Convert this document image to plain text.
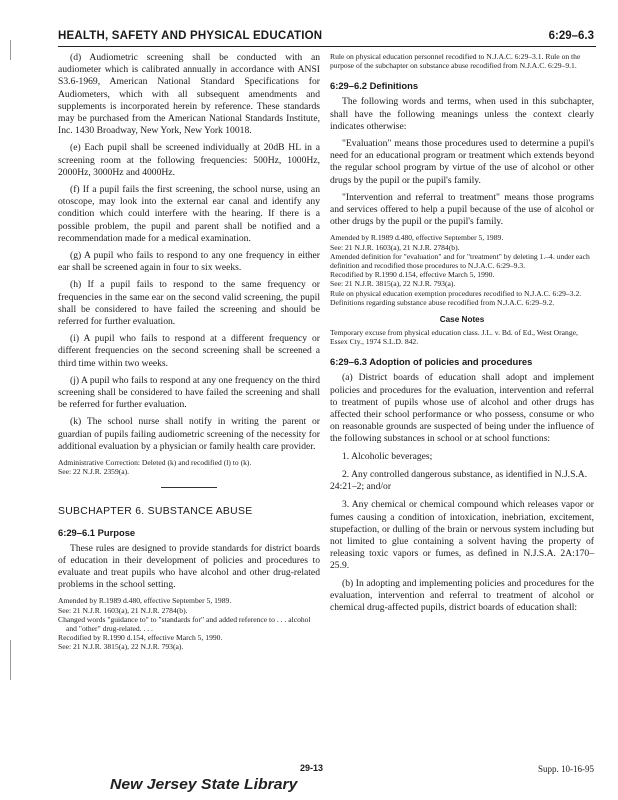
HEALTH, SAFETY AND PHYSICAL EDUCATION	6:29–6.3

(d) Audiometric screening shall be conducted with an audiometer which is calibrated annually in accordance with ANSI S3.6-1969, American National Standard Specifications for Audiometers, which with all subsequent amendments and supplements is incorporated herein by reference. These standards may be purchased from the American National Standards Institute, Inc. 1430 Broadway, New York, New York 10018.

(e) Each pupil shall be screened individually at 20dB HL in a screening room at the following frequencies: 500Hz, 1000Hz, 2000Hz, 3000Hz and 4000Hz.

(f) If a pupil fails the first screening, the school nurse, using an otoscope, may look into the external ear canal and identify any condition which could interfere with the hearing. If there is a possible problem, the pupil and parent shall be notified and a recommendation made for a medical examination.

(g) A pupil who fails to respond to any one frequency in either ear shall be screened again in four to six weeks.

(h) If a pupil fails to respond to the same frequency or frequencies in the same ear on the second valid screening, the pupil shall be considered to have failed the screening and should be referred for further evaluation.

(i) A pupil who fails to respond at a different frequency or different frequencies on the second screening shall be screened a third time within two weeks.

(j) A pupil who fails to respond at any one frequency on the third screening shall be considered to have failed the screening and shall be referred for further evaluation.

(k) The school nurse shall notify in writing the parent or guardian of pupils failing audiometric screening of the necessity for additional evaluation by a physician or family health care provider.

Administrative Correction: Deleted (k) and recodified (l) to (k).
See: 22 N.J.R. 2359(a).
SUBCHAPTER 6. SUBSTANCE ABUSE
6:29–6.1 Purpose

These rules are designed to provide standards for district boards of education in their development of policies and procedures to evaluate and treat pupils who have alcohol and other drug-related problems in the school setting.

Amended by R.1989 d.480, effective September 5, 1989.
See: 21 N.J.R. 1603(a), 21 N.J.R. 2784(b).
Changed words "guidance to" to "standards for" and added reference to . . . alcohol and "other" drug-related. . . .
Recodified by R.1990 d.154, effective March 5, 1990.
See: 21 N.J.R. 3815(a), 22 N.J.R. 793(a).
Rule on physical education personnel recodified to N.J.A.C. 6:29–3.1. Rule on the purpose of the subchapter on substance abuse recodified from N.J.A.C. 6:29–9.1.
6:29–6.2 Definitions

The following words and terms, when used in this subchapter, shall have the following meanings unless the context clearly indicates otherwise:

"Evaluation" means those procedures used to determine a pupil's need for an educational program or treatment which extends beyond the regular school program by virtue of the use of alcohol or other drugs by the pupil or the pupil's family.

"Intervention and referral to treatment" means those programs and services offered to help a pupil because of the use of alcohol or other drugs by the pupil or the pupil's family.

Amended by R.1989 d.480, effective September 5, 1989.
See: 21 N.J.R. 1603(a), 21 N.J.R. 2784(b).
Amended definition for "evaluation" and for "treatment" by deleting 1.–4. under each definition and recodified those procedures to N.J.A.C. 6:29–9.3.
Recodified by R.1990 d.154, effective March 5, 1990.
See: 21 N.J.R. 3815(a), 22 N.J.R. 793(a).
Rule on physical education exemption procedures recodified to N.J.A.C. 6:29–3.2.
Definitions regarding substance abuse recodified from N.J.A.C. 6:29–9.2.
Case Notes
Temporary excuse from physical education class. J.L. v. Bd. of Ed., West Orange, Essex Cty., 1974 S.L.D. 842.
6:29–6.3 Adoption of policies and procedures

(a) District boards of education shall adopt and implement policies and procedures for the evaluation, intervention and referral to treatment of pupils whose use of alcohol and other drugs has affected their school performance or who possess, consume or who on reasonable grounds are suspected of being under the influence of the following substances in school or at school functions:

1. Alcoholic beverages;

2. Any controlled dangerous substance, as identified in N.J.S.A. 24:21–2; and/or

3. Any chemical or chemical compound which releases vapor or fumes causing a condition of intoxication, inebriation, excitement, stupefaction, or dulling of the brain or nervous system including but not limited to glue containing a solvent having the property of releasing toxic vapors or fumes, as defined in N.J.S.A. 2A:170–25.9.

(b) In adopting and implementing policies and procedures for the evaluation, intervention and referral to treatment of alcohol or chemical drug-affected pupils, district boards of education shall:

29-13	Supp. 10-16-95
New Jersey State Library
